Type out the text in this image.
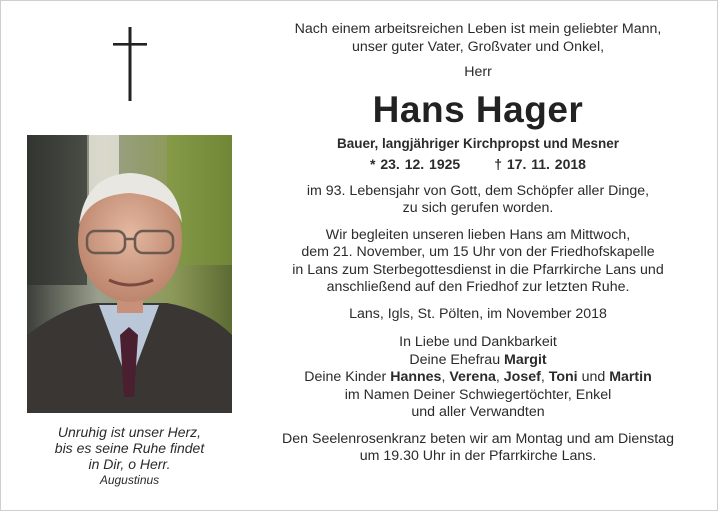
Unruhig ist unser Herz,
bis es seine Ruhe findet
in Dir, o Herr.
Augustinus

Nach einem arbeitsreichen Leben ist mein geliebter Mann,
unser guter Vater, Großvater und Onkel,

Herr

Hans Hager

Bauer, langjähriger Kirchpropst und Mesner

* 23. 12. 1925 † 17. 11. 2018

im 93. Lebensjahr von Gott, dem Schöpfer aller Dinge,
zu sich gerufen worden.

Wir begleiten unseren lieben Hans am Mittwoch,
dem 21. November, um 15 Uhr von der Friedhofskapelle
in Lans zum Sterbegottesdienst in die Pfarrkirche Lans und
anschließend auf den Friedhof zur letzten Ruhe.

Lans, Igls, St. Pölten, im November 2018

In Liebe und Dankbarkeit
Deine Ehefrau Margit
Deine Kinder Hannes, Verena, Josef, Toni und Martin
im Namen Deiner Schwiegertöchter, Enkel
und aller Verwandten

Den Seelenrosenkranz beten wir am Montag und am Dienstag
um 19.30 Uhr in der Pfarrkirche Lans.
